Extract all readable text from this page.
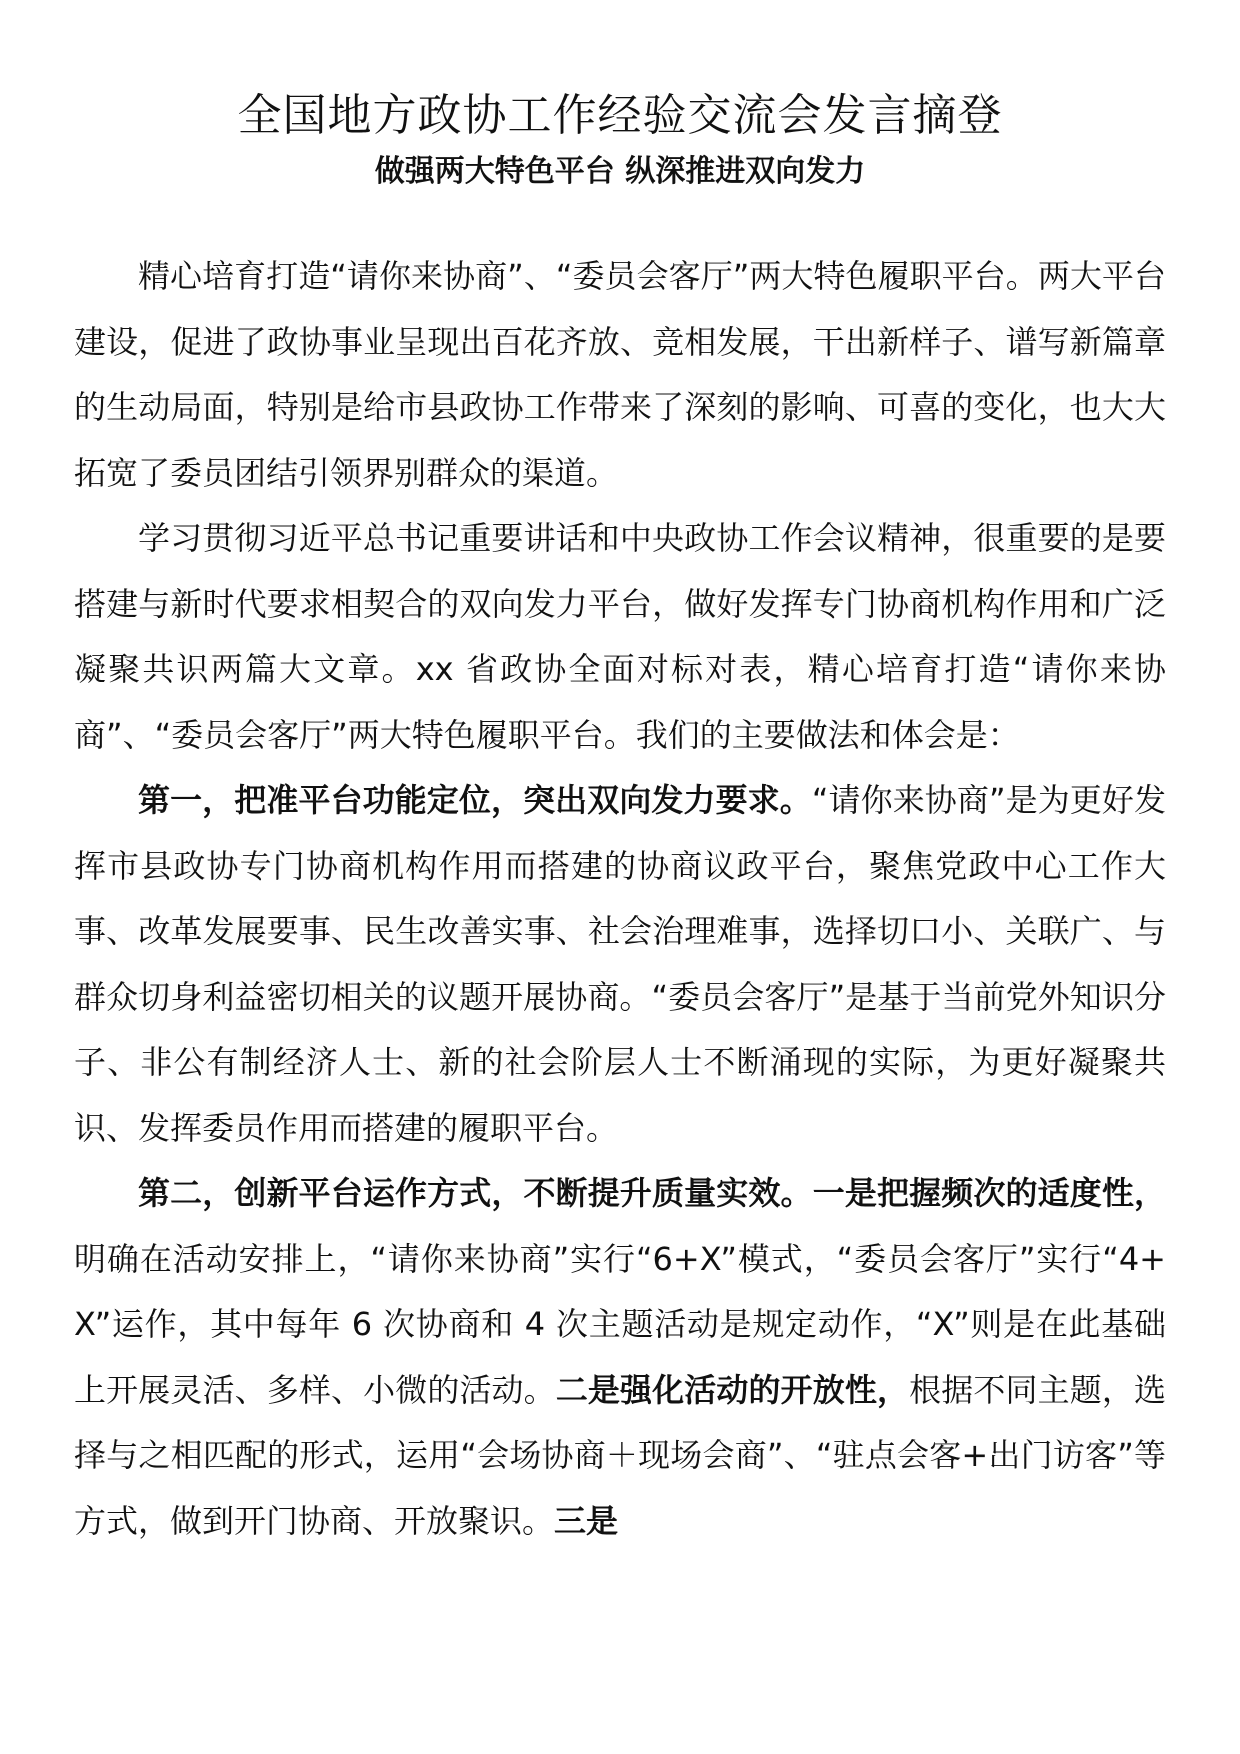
全国地方政协工作经验交流会发言摘登
做强两大特色平台 纵深推进双向发力

精心培育打造“请你来协商”、“委员会客厅”两大特色履职平台。两大平台建设，促进了政协事业呈现出百花齐放、竞相发展，干出新样子、谱写新篇章的生动局面，特别是给市县政协工作带来了深刻的影响、可喜的变化，也大大拓宽了委员团结引领界别群众的渠道。

学习贯彻习近平总书记重要讲话和中央政协工作会议精神，很重要的是要搭建与新时代要求相契合的双向发力平台，做好发挥专门协商机构作用和广泛凝聚共识两篇大文章。xx 省政协全面对标对表，精心培育打造“请你来协商”、“委员会客厅”两大特色履职平台。我们的主要做法和体会是：

第一，把准平台功能定位，突出双向发力要求。“请你来协商”是为更好发挥市县政协专门协商机构作用而搭建的协商议政平台，聚焦党政中心工作大事、改革发展要事、民生改善实事、社会治理难事，选择切口小、关联广、与群众切身利益密切相关的议题开展协商。“委员会客厅”是基于当前党外知识分子、非公有制经济人士、新的社会阶层人士不断涌现的实际，为更好凝聚共识、发挥委员作用而搭建的履职平台。

第二，创新平台运作方式，不断提升质量实效。一是把握频次的适度性，明确在活动安排上，“请你来协商”实行“6+X”模式，“委员会客厅”实行“4+X”运作，其中每年 6 次协商和 4 次主题活动是规定动作，“X”则是在此基础上开展灵活、多样、小微的活动。二是强化活动的开放性，根据不同主题，选择与之相匹配的形式，运用“会场协商＋现场会商”、“驻点会客+出门访客”等方式，做到开门协商、开放聚识。三是
